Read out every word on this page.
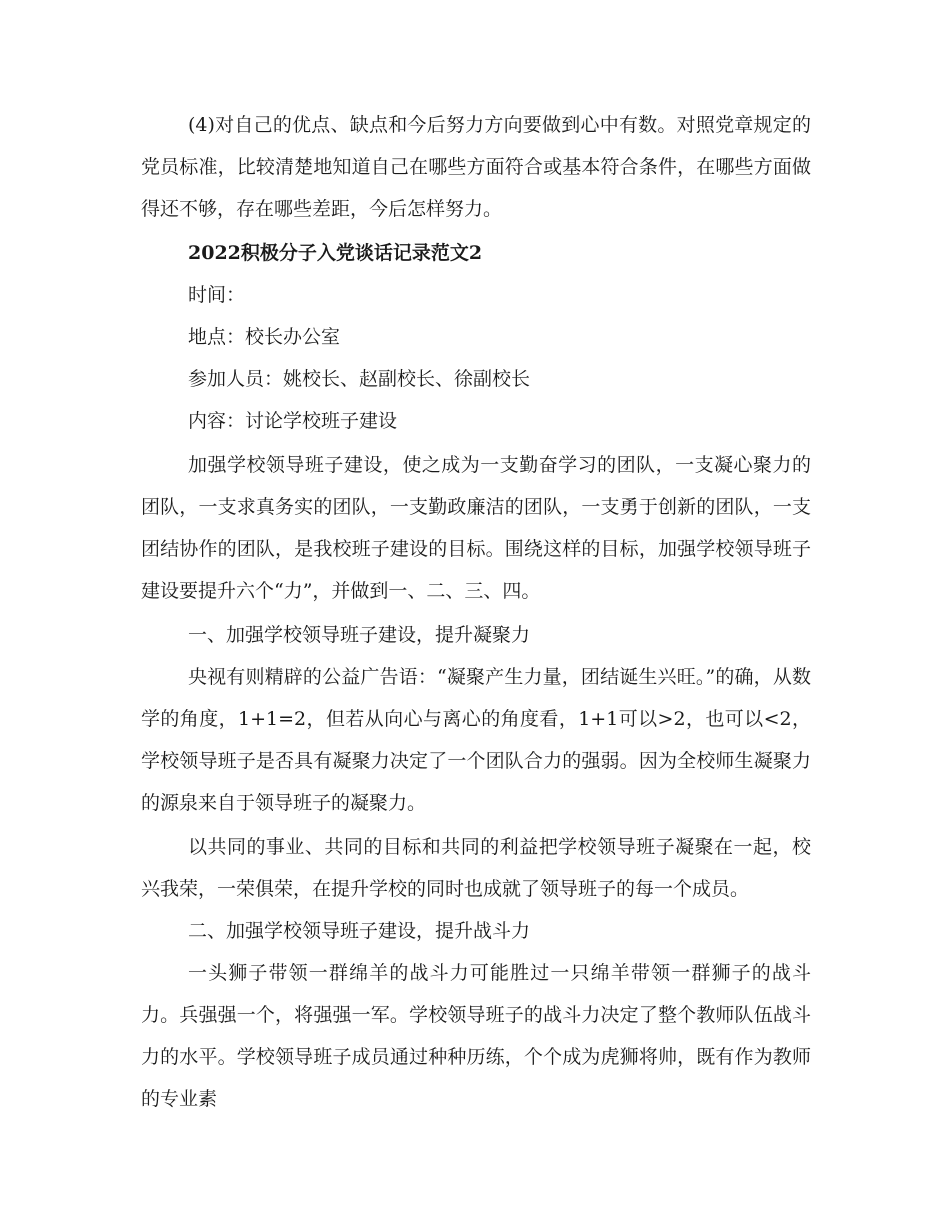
(4)对自己的优点、缺点和今后努力方向要做到心中有数。对照党章规定的党员标准，比较清楚地知道自己在哪些方面符合或基本符合条件，在哪些方面做得还不够，存在哪些差距，今后怎样努力。

2022积极分子入党谈话记录范文2

时间：

地点：校长办公室

参加人员：姚校长、赵副校长、徐副校长

内容：讨论学校班子建设

加强学校领导班子建设，使之成为一支勤奋学习的团队，一支凝心聚力的团队，一支求真务实的团队，一支勤政廉洁的团队，一支勇于创新的团队，一支团结协作的团队，是我校班子建设的目标。围绕这样的目标，加强学校领导班子建设要提升六个“力”，并做到一、二、三、四。

一、加强学校领导班子建设，提升凝聚力

央视有则精辟的公益广告语：“凝聚产生力量，团结诞生兴旺。”的确，从数学的角度，1+1=2，但若从向心与离心的角度看，1+1可以>2，也可以<2，学校领导班子是否具有凝聚力决定了一个团队合力的强弱。因为全校师生凝聚力的源泉来自于领导班子的凝聚力。

以共同的事业、共同的目标和共同的利益把学校领导班子凝聚在一起，校兴我荣，一荣俱荣，在提升学校的同时也成就了领导班子的每一个成员。

二、加强学校领导班子建设，提升战斗力

一头狮子带领一群绵羊的战斗力可能胜过一只绵羊带领一群狮子的战斗力。兵强强一个，将强强一军。学校领导班子的战斗力决定了整个教师队伍战斗力的水平。学校领导班子成员通过种种历练，个个成为虎狮将帅，既有作为教师的专业素
